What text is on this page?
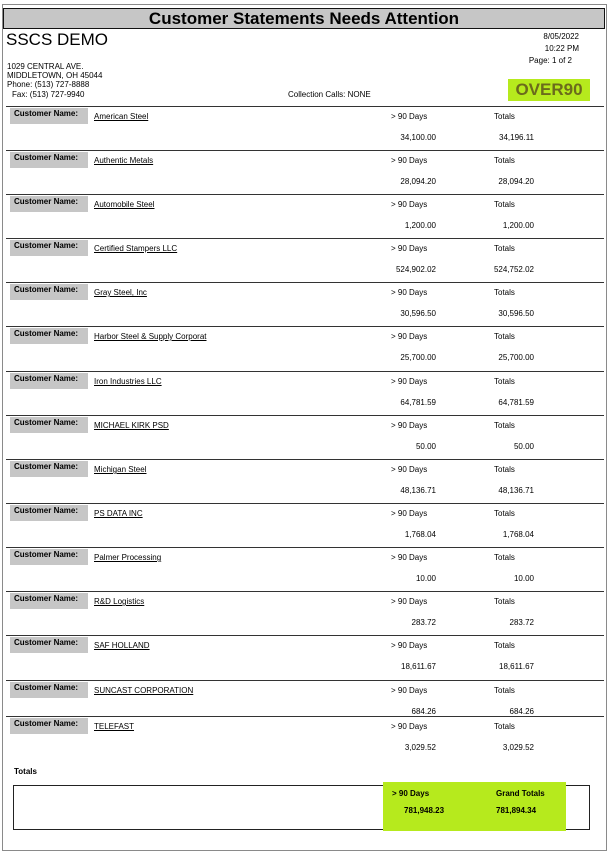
Customer Statements Needs Attention
SSCS DEMO
1029 CENTRAL AVE.
MIDDLETOWN, OH 45044
Phone: (513) 727-8888
Fax: (513) 727-9940
8/05/2022
10:22 PM
Page: 1 of 2
Collection Calls: NONE	OVER90
Customer Name:	American Steel	> 90 Days	Totals
34,100.00	34,196.11
Customer Name:	Authentic Metals	> 90 Days	Totals
28,094.20	28,094.20
Customer Name:	Automobile Steel	> 90 Days	Totals
1,200.00	1,200.00
Customer Name:	Certified Stampers LLC	> 90 Days	Totals
524,902.02	524,752.02
Customer Name:	Gray Steel, Inc	> 90 Days	Totals
30,596.50	30,596.50
Customer Name:	Harbor Steel & Supply Corporat	> 90 Days	Totals
25,700.00	25,700.00
Customer Name:	Iron Industries LLC	> 90 Days	Totals
64,781.59	64,781.59
Customer Name:	MICHAEL KIRK PSD	> 90 Days	Totals
50.00	50.00
Customer Name:	Michigan Steel	> 90 Days	Totals
48,136.71	48,136.71
Customer Name:	PS DATA INC	> 90 Days	Totals
1,768.04	1,768.04
Customer Name:	Palmer Processing	> 90 Days	Totals
10.00	10.00
Customer Name:	R&D Logistics	> 90 Days	Totals
283.72	283.72
Customer Name:	SAF HOLLAND	> 90 Days	Totals
18,611.67	18,611.67
Customer Name:	SUNCAST CORPORATION	> 90 Days	Totals
684.26	684.26
Customer Name:	TELEFAST	> 90 Days	Totals
3,029.52	3,029.52
Totals
> 90 Days	Grand Totals
781,948.23	781,894.34
